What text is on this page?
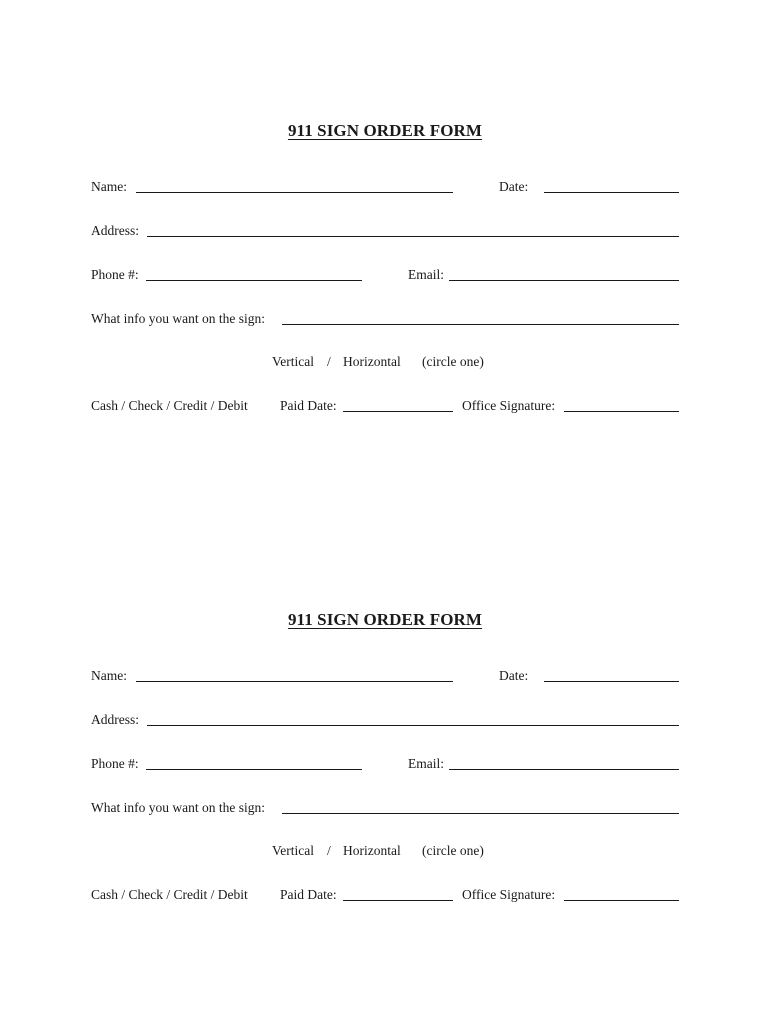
911 SIGN ORDER FORM
Name:	Date:
Address:
Phone #:	Email:
What info you want on the sign:
Vertical / Horizontal (circle one)
Cash / Check / Credit / Debit Paid Date:	Office Signature:
911 SIGN ORDER FORM
Name:	Date:
Address:
Phone #:	Email:
What info you want on the sign:
Vertical / Horizontal (circle one)
Cash / Check / Credit / Debit Paid Date:	Office Signature:
